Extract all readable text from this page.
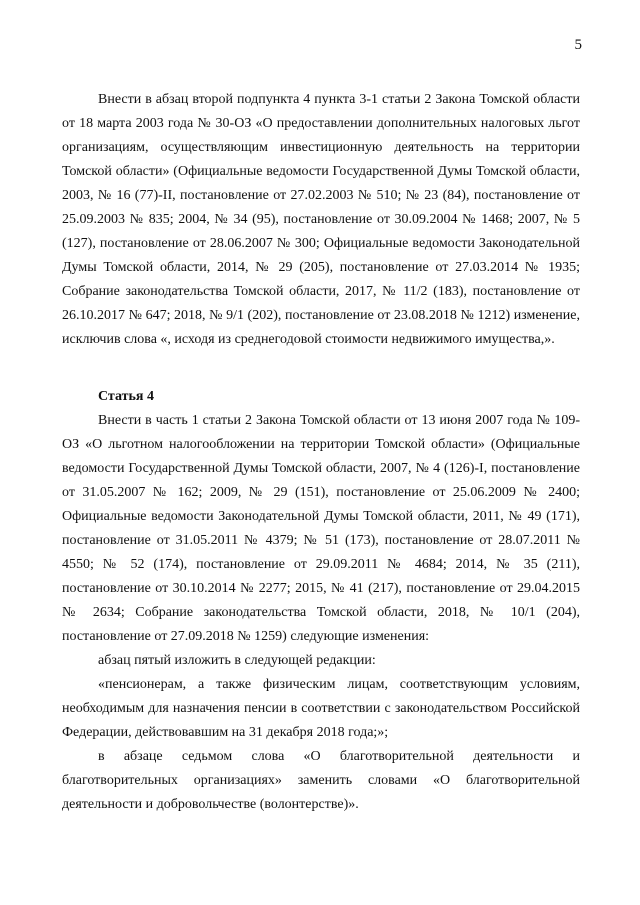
5

Внести в абзац второй подпункта 4 пункта 3-1 статьи 2 Закона Томской области от 18 марта 2003 года № 30-ОЗ «О предоставлении дополнительных налоговых льгот организациям, осуществляющим инвестиционную деятельность на территории Томской области» (Официальные ведомости Государственной Думы Томской области, 2003, № 16 (77)-II, постановление от 27.02.2003 № 510; № 23 (84), постановление от 25.09.2003 № 835; 2004, № 34 (95), постановление от 30.09.2004 № 1468; 2007, № 5 (127), постановление от 28.06.2007 № 300; Официальные ведомости Законодательной Думы Томской области, 2014, № 29 (205), постановление от 27.03.2014 № 1935; Собрание законодательства Томской области, 2017, № 11/2 (183), постановление от 26.10.2017 № 647; 2018, № 9/1 (202), постановление от 23.08.2018 № 1212) изменение, исключив слова «, исходя из среднегодовой стоимости недвижимого имущества,».

Статья 4

Внести в часть 1 статьи 2 Закона Томской области от 13 июня 2007 года № 109-ОЗ «О льготном налогообложении на территории Томской области» (Официальные ведомости Государственной Думы Томской области, 2007, № 4 (126)-I, постановление от 31.05.2007 № 162; 2009, № 29 (151), постановление от 25.06.2009 № 2400; Официальные ведомости Законодательной Думы Томской области, 2011, № 49 (171), постановление от 31.05.2011 № 4379; № 51 (173), постановление от 28.07.2011 № 4550; № 52 (174), постановление от 29.09.2011 № 4684; 2014, № 35 (211), постановление от 30.10.2014 № 2277; 2015, № 41 (217), постановление от 29.04.2015 № 2634; Собрание законодательства Томской области, 2018, № 10/1 (204), постановление от 27.09.2018 № 1259) следующие изменения:

абзац пятый изложить в следующей редакции:

«пенсионерам, а также физическим лицам, соответствующим условиям, необходимым для назначения пенсии в соответствии с законодательством Российской Федерации, действовавшим на 31 декабря 2018 года;»;

в абзаце седьмом слова «О благотворительной деятельности и благотворительных организациях» заменить словами «О благотворительной деятельности и добровольчестве (волонтерстве)».
